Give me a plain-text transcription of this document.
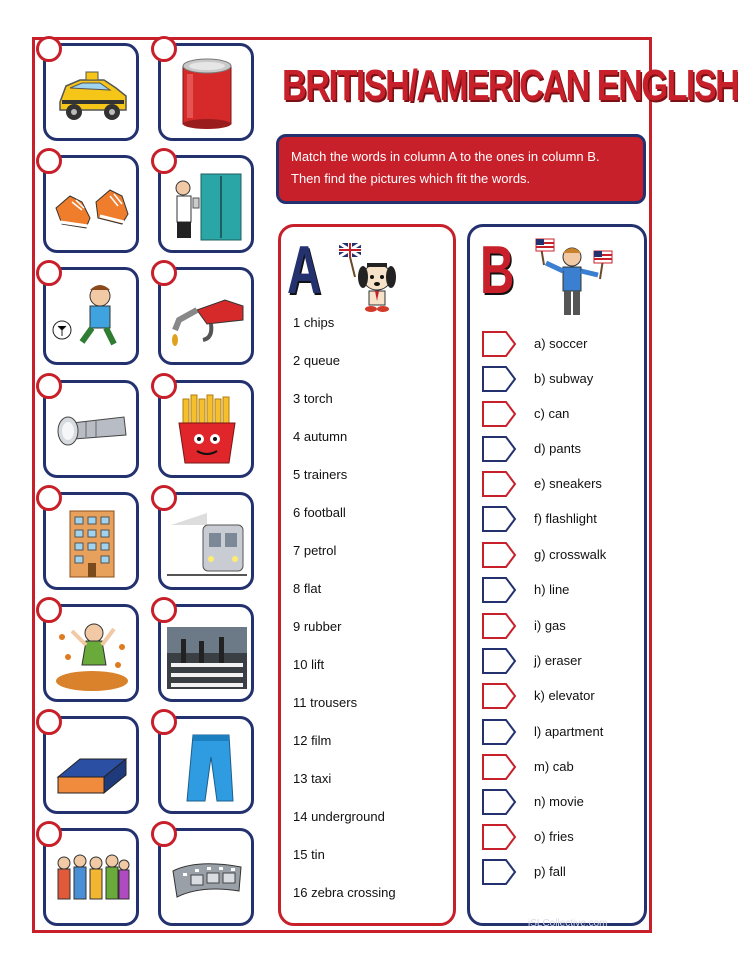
BRITISH/AMERICAN ENGLISH
Match the words in column A to the ones in column B.
Then find the pictures which fit the words.
A
1 chips
2 queue
3 torch
4 autumn
5 trainers
6 football
7 petrol
8 flat
9 rubber
10 lift
11 trousers
12 film
13 taxi
14 underground
15 tin
16 zebra crossing
B
a) soccer
b) subway
c) can
d) pants
e) sneakers
f) flashlight
g) crosswalk
h) line
i) gas
j) eraser
k) elevator
l) apartment
m) cab
n) movie
o) fries
p) fall
iSLCollective.com
